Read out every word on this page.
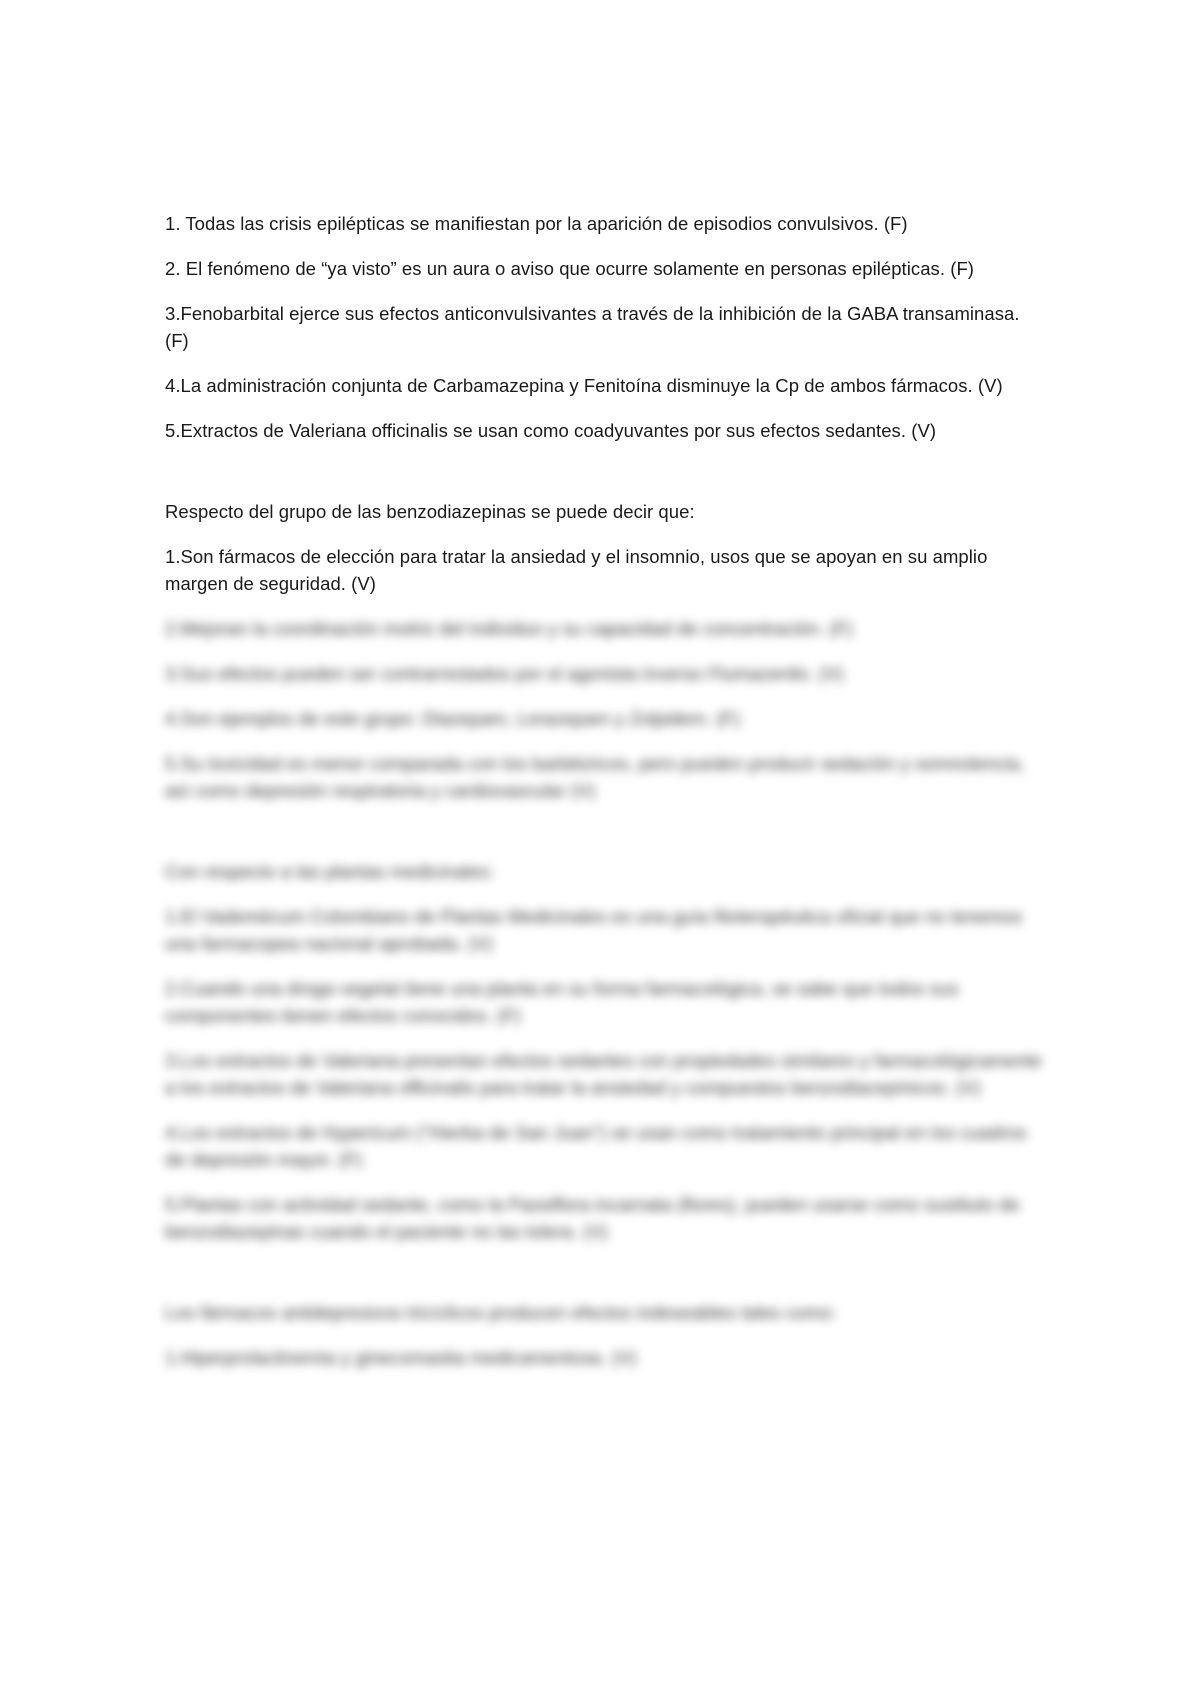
1. Todas las crisis epilépticas se manifiestan por la aparición de episodios convulsivos. (F)

2. El fenómeno de “ya visto” es un aura o aviso que ocurre solamente en personas epilépticas. (F)

3.Fenobarbital ejerce sus efectos anticonvulsivantes a través de la inhibición de la GABA transaminasa. (F)

4.La administración conjunta de Carbamazepina y Fenitoína disminuye la Cp de ambos fármacos. (V)

5.Extractos de Valeriana officinalis se usan como coadyuvantes por sus efectos sedantes. (V)

Respecto del grupo de las benzodiazepinas se puede decir que:

1.Son fármacos de elección para tratar la ansiedad y el insomnio, usos que se apoyan en su amplio margen de seguridad. (V)

2.Mejoran la coordinación motriz del individuo y su capacidad de concentración. (F)

3.Sus efectos pueden ser contrarrestados por el agonista inverso Flumazenilo. (V)

4.Son ejemplos de este grupo: Diazepam, Lorazepam y Zolpidem. (F)

5.Su toxicidad es menor comparada con los barbitúricos, pero pueden producir sedación y somnolencia, así como depresión respiratoria y cardiovascular (V)

Con respecto a las plantas medicinales:

1.El Vademécum Colombiano de Plantas Medicinales es una guía fitoterapéutica oficial que no tenemos una farmacopea nacional aprobada. (V)

2.Cuando una droga vegetal tiene una planta en su forma farmacológica, se sabe que todos sus componentes tienen efectos conocidos. (F)

3.Los extractos de Valeriana presentan efectos sedantes con propiedades similares y farmacológicamente a los extractos de Valeriana officinalis para tratar la ansiedad y compuestos benzodiacepínicos. (V)

4.Los extractos de Hypericum ("Hierba de San Juan") se usan como tratamiento principal en los cuadros de depresión mayor. (F)

5.Plantas con actividad sedante, como la Passiflora incarnata (flores), pueden usarse como sustituto de benzodiazepinas cuando el paciente no las tolera. (V)

Los fármacos antidepresivos tricíclicos producen efectos indeseables tales como:

1.Hiperprolactinemia y ginecomastia medicamentosa. (V)
